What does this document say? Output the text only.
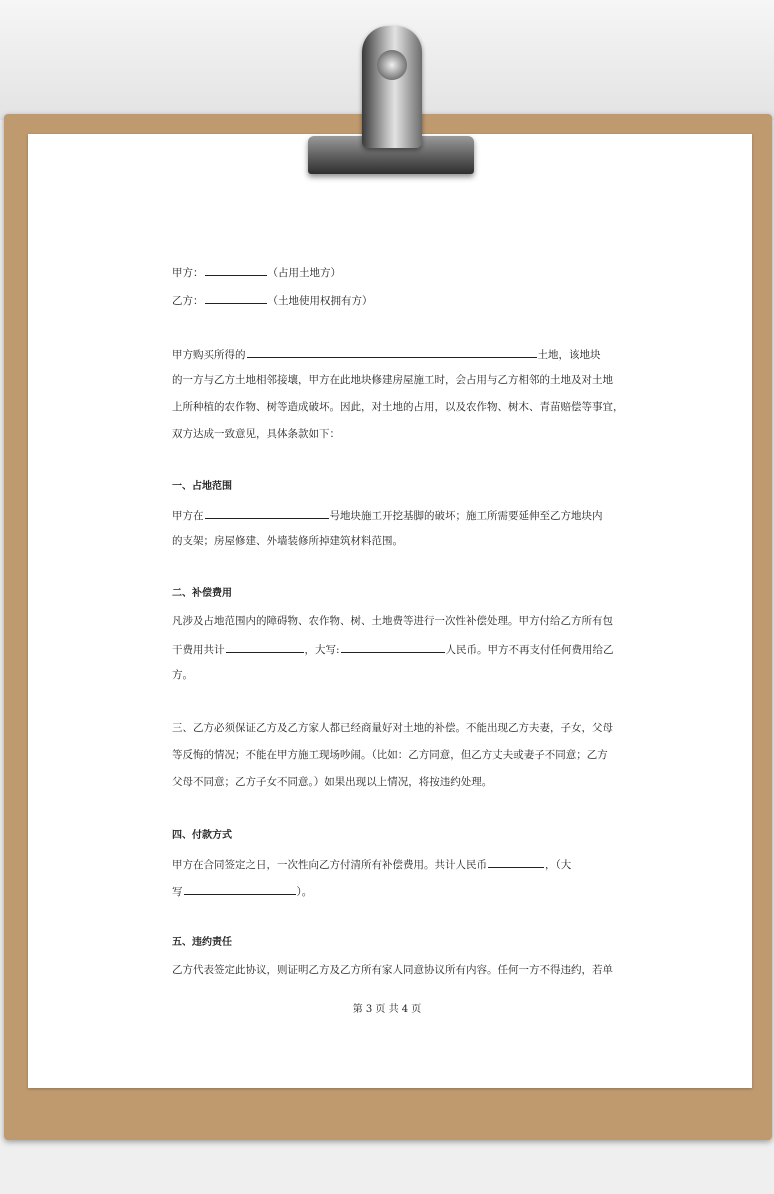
甲方：	（占用土地方）
乙方：	（土地使用权拥有方）
甲方购买所得的	土地，该地块
的一方与乙方土地相邻接壤，甲方在此地块修建房屋施工时，会占用与乙方相邻的土地及对土地
上所种植的农作物、树等造成破坏。因此，对土地的占用，以及农作物、树木、青苗赔偿等事宜，
双方达成一致意见，具体条款如下：
一、占地范围
甲方在	号地块施工开挖基脚的破坏；施工所需要延伸至乙方地块内
的支架；房屋修建、外墙装修所掉建筑材料范围。
二、补偿费用
凡涉及占地范围内的障碍物、农作物、树、土地费等进行一次性补偿处理。甲方付给乙方所有包
干费用共计	，大写:	人民币。甲方不再支付任何费用给乙
方。
三、乙方必须保证乙方及乙方家人都已经商量好对土地的补偿。不能出现乙方夫妻，子女，父母
等反悔的情况；不能在甲方施工现场吵闹。（比如：乙方同意，但乙方丈夫或妻子不同意；乙方
父母不同意；乙方子女不同意。）如果出现以上情况，将按违约处理。
四、付款方式
甲方在合同签定之日，一次性向乙方付清所有补偿费用。共计人民币	，（大
写	）。
五、违约责任
乙方代表签定此协议，则证明乙方及乙方所有家人同意协议所有内容。任何一方不得违约，若单
第 3 页 共 4 页
